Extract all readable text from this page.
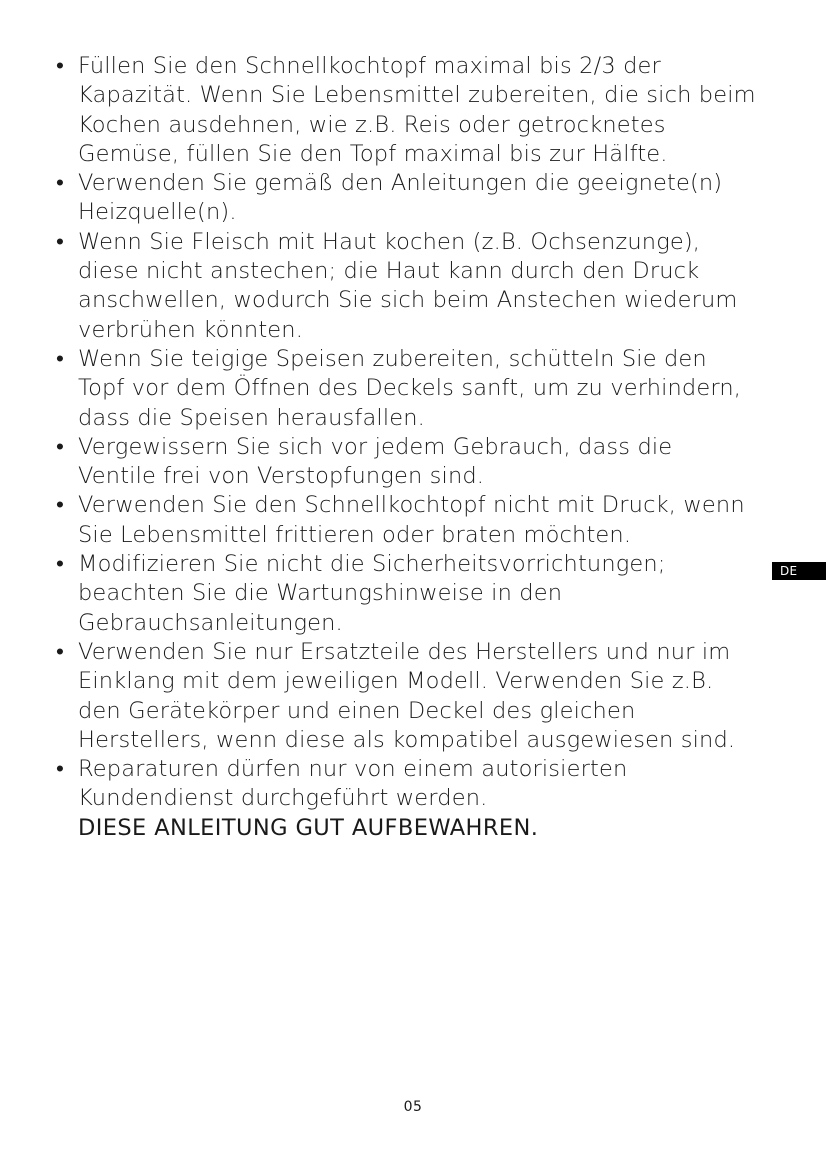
• Füllen Sie den Schnellkochtopf maximal bis 2/3 der Kapazität. Wenn Sie Lebensmittel zubereiten, die sich beim Kochen ausdehnen, wie z.B. Reis oder getrocknetes Gemüse, füllen Sie den Topf maximal bis zur Hälfte.
• Verwenden Sie gemäß den Anleitungen die geeignete(n) Heizquelle(n).
• Wenn Sie Fleisch mit Haut kochen (z.B. Ochsenzunge), diese nicht anstechen; die Haut kann durch den Druck anschwellen, wodurch Sie sich beim Anstechen wiederum verbrühen könnten.
• Wenn Sie teigige Speisen zubereiten, schütteln Sie den Topf vor dem Öffnen des Deckels sanft, um zu verhindern, dass die Speisen herausfallen.
• Vergewissern Sie sich vor jedem Gebrauch, dass die Ventile frei von Verstopfungen sind.
• Verwenden Sie den Schnellkochtopf nicht mit Druck, wenn Sie Lebensmittel frittieren oder braten möchten.
• Modifizieren Sie nicht die Sicherheitsvorrichtungen; beachten Sie die Wartungshinweise in den Gebrauchsanleitungen.
• Verwenden Sie nur Ersatzteile des Herstellers und nur im Einklang mit dem jeweiligen Modell. Verwenden Sie z.B. den Gerätekörper und einen Deckel des gleichen Herstellers, wenn diese als kompatibel ausgewiesen sind.
• Reparaturen dürfen nur von einem autorisierten Kundendienst durchgeführt werden.
DIESE ANLEITUNG GUT AUFBEWAHREN.
DE
05
